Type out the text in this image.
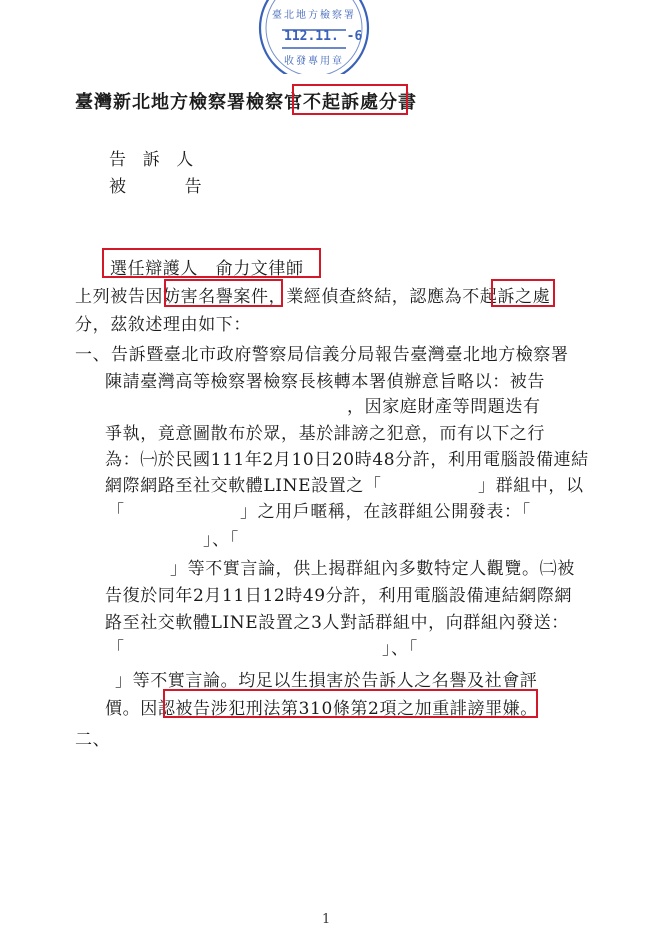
臺北地方檢察署
112.11. -6
收發專用章
臺灣新北地方檢察署檢察官不起訴處分書
告 訴 人
被 告
選任辯護人　俞力文律師
上列被告因妨害名譽案件，業經偵查終結，認應為不起訴之處
分，茲敘述理由如下：
一、 告訴暨臺北市政府警察局信義分局報告臺灣臺北地方檢察署
陳請臺灣高等檢察署檢察長核轉本署偵辦意旨略以：被告
，因家庭財產等問題迭有
爭執，竟意圖散布於眾，基於誹謗之犯意，而有以下之行
為：㈠於民國111年2月10日20時48分許，利用電腦設備連結
網際網路至社交軟體LINE設置之「	」群組中，以
「	」之用戶暱稱，在該群組公開發表：「
」、「
」等不實言論，供上揭群組內多數特定人觀覽。㈡被
告復於同年2月11日12時49分許，利用電腦設備連結網際網
路至社交軟體LINE設置之3人對話群組中，向群組內發送：
「	」、「
」等不實言論。均足以生損害於告訴人之名譽及社會評
價。因認被告涉犯刑法第310條第2項之加重誹謗罪嫌。
二、
1
